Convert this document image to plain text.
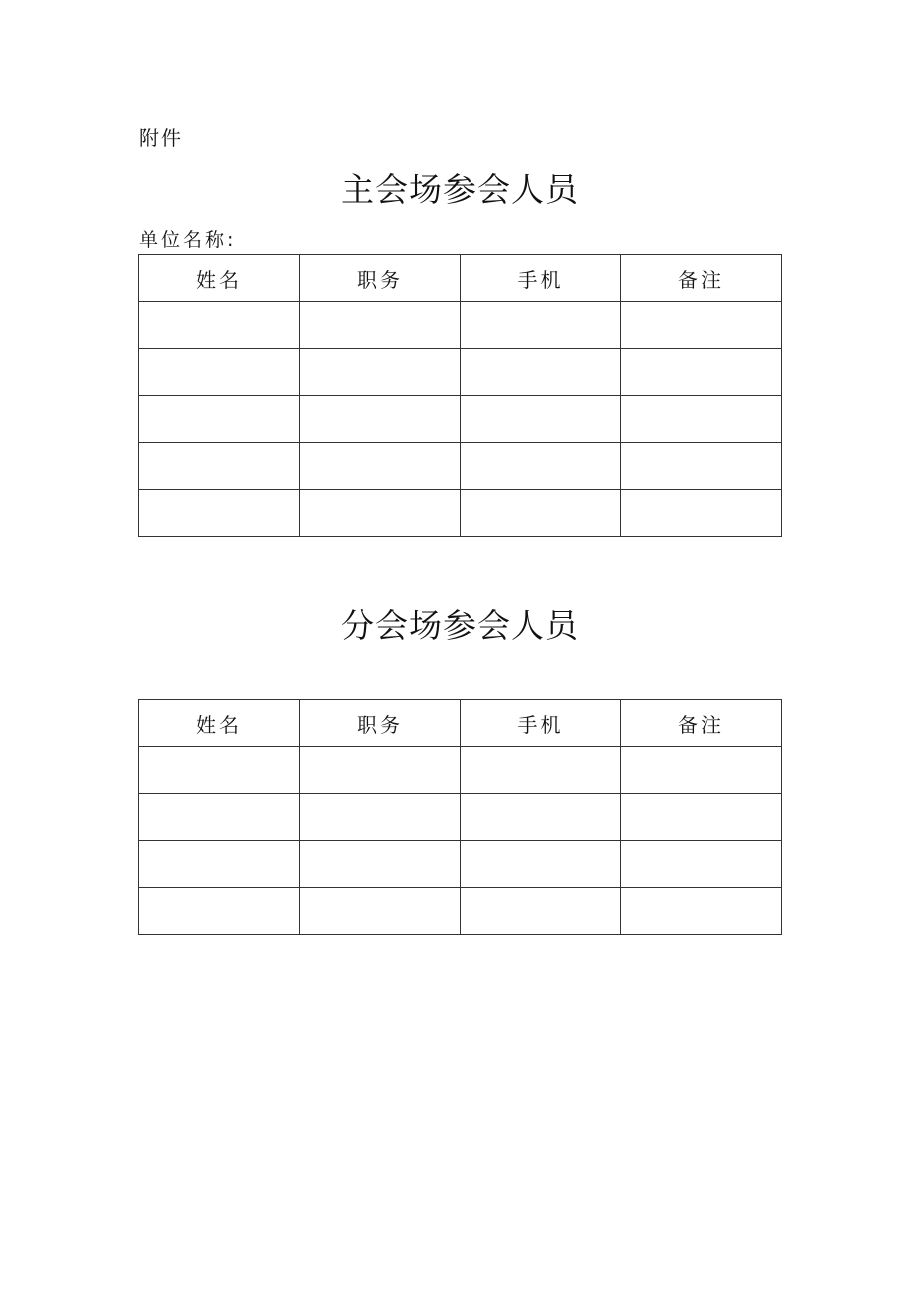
附件
主会场参会人员
单位名称:
姓名	职务	手机	备注

分会场参会人员
姓名	职务	手机	备注
